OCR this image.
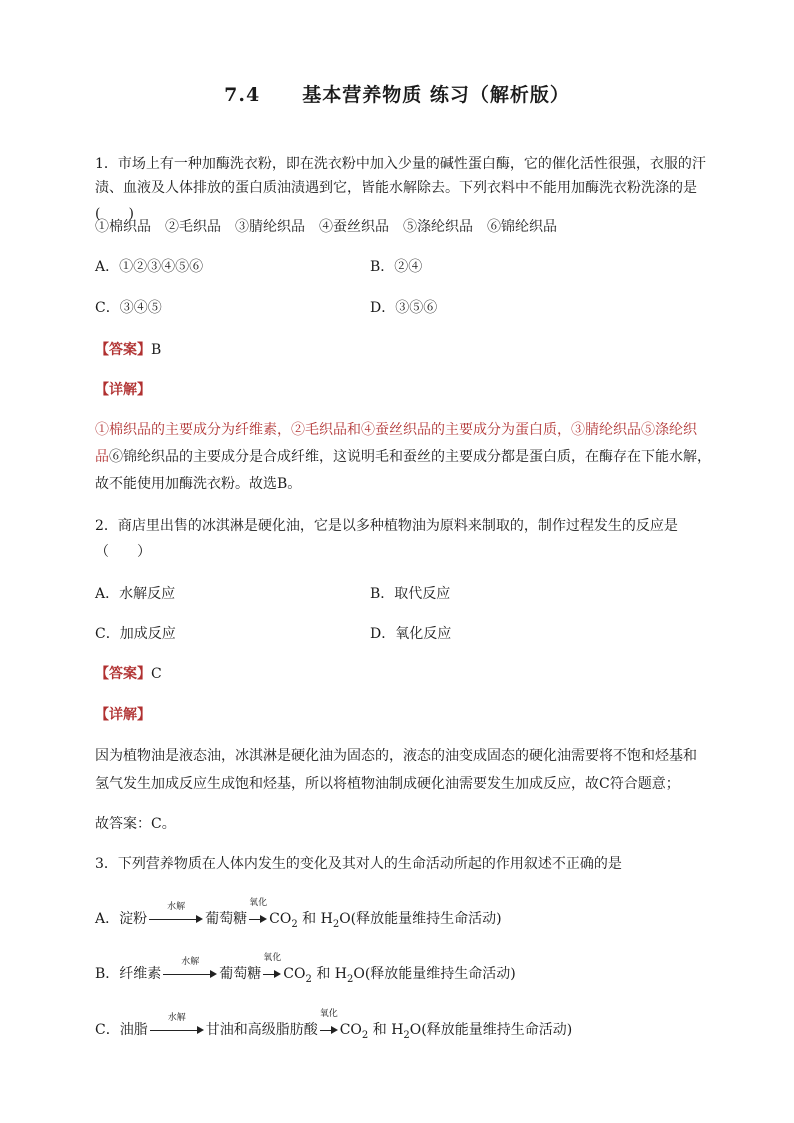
7.4 基本营养物质 练习（解析版）
1．市场上有一种加酶洗衣粉，即在洗衣粉中加入少量的碱性蛋白酶，它的催化活性很强，衣服的汗
渍、血液及人体排放的蛋白质油渍遇到它，皆能水解除去。下列衣料中不能用加酶洗衣粉洗涤的是
(　　)
①棉织品　②毛织品　③腈纶织品　④蚕丝织品　⑤涤纶织品　⑥锦纶织品
A．①②③④⑤⑥	B．②④
C．③④⑤	D．③⑤⑥
【答案】B
【详解】
①棉织品的主要成分为纤维素，②毛织品和④蚕丝织品的主要成分为蛋白质，③腈纶织品⑤涤纶织
品⑥锦纶织品的主要成分是合成纤维，这说明毛和蚕丝的主要成分都是蛋白质，在酶存在下能水解，
故不能使用加酶洗衣粉。故选B。
2．商店里出售的冰淇淋是硬化油，它是以多种植物油为原料来制取的，制作过程发生的反应是
（　　）
A．水解反应	B．取代反应
C．加成反应	D．氧化反应
【答案】C
【详解】
因为植物油是液态油，冰淇淋是硬化油为固态的，液态的油变成固态的硬化油需要将不饱和烃基和
氢气发生加成反应生成饱和烃基，所以将植物油制成硬化油需要发生加成反应，故C符合题意；
故答案：C。
3．下列营养物质在人体内发生的变化及其对人的生命活动所起的作用叙述不正确的是
A．淀粉
水解
葡萄糖
氧化
$CO_2$ 和 $H_2O$(释放能量维持生命活动)
B．纤维素
水解
葡萄糖
氧化
$CO_2$ 和 $H_2O$(释放能量维持生命活动)
C．油脂
水解
甘油和高级脂肪酸
氧化
$CO_2$ 和 $H_2O$(释放能量维持生命活动)
